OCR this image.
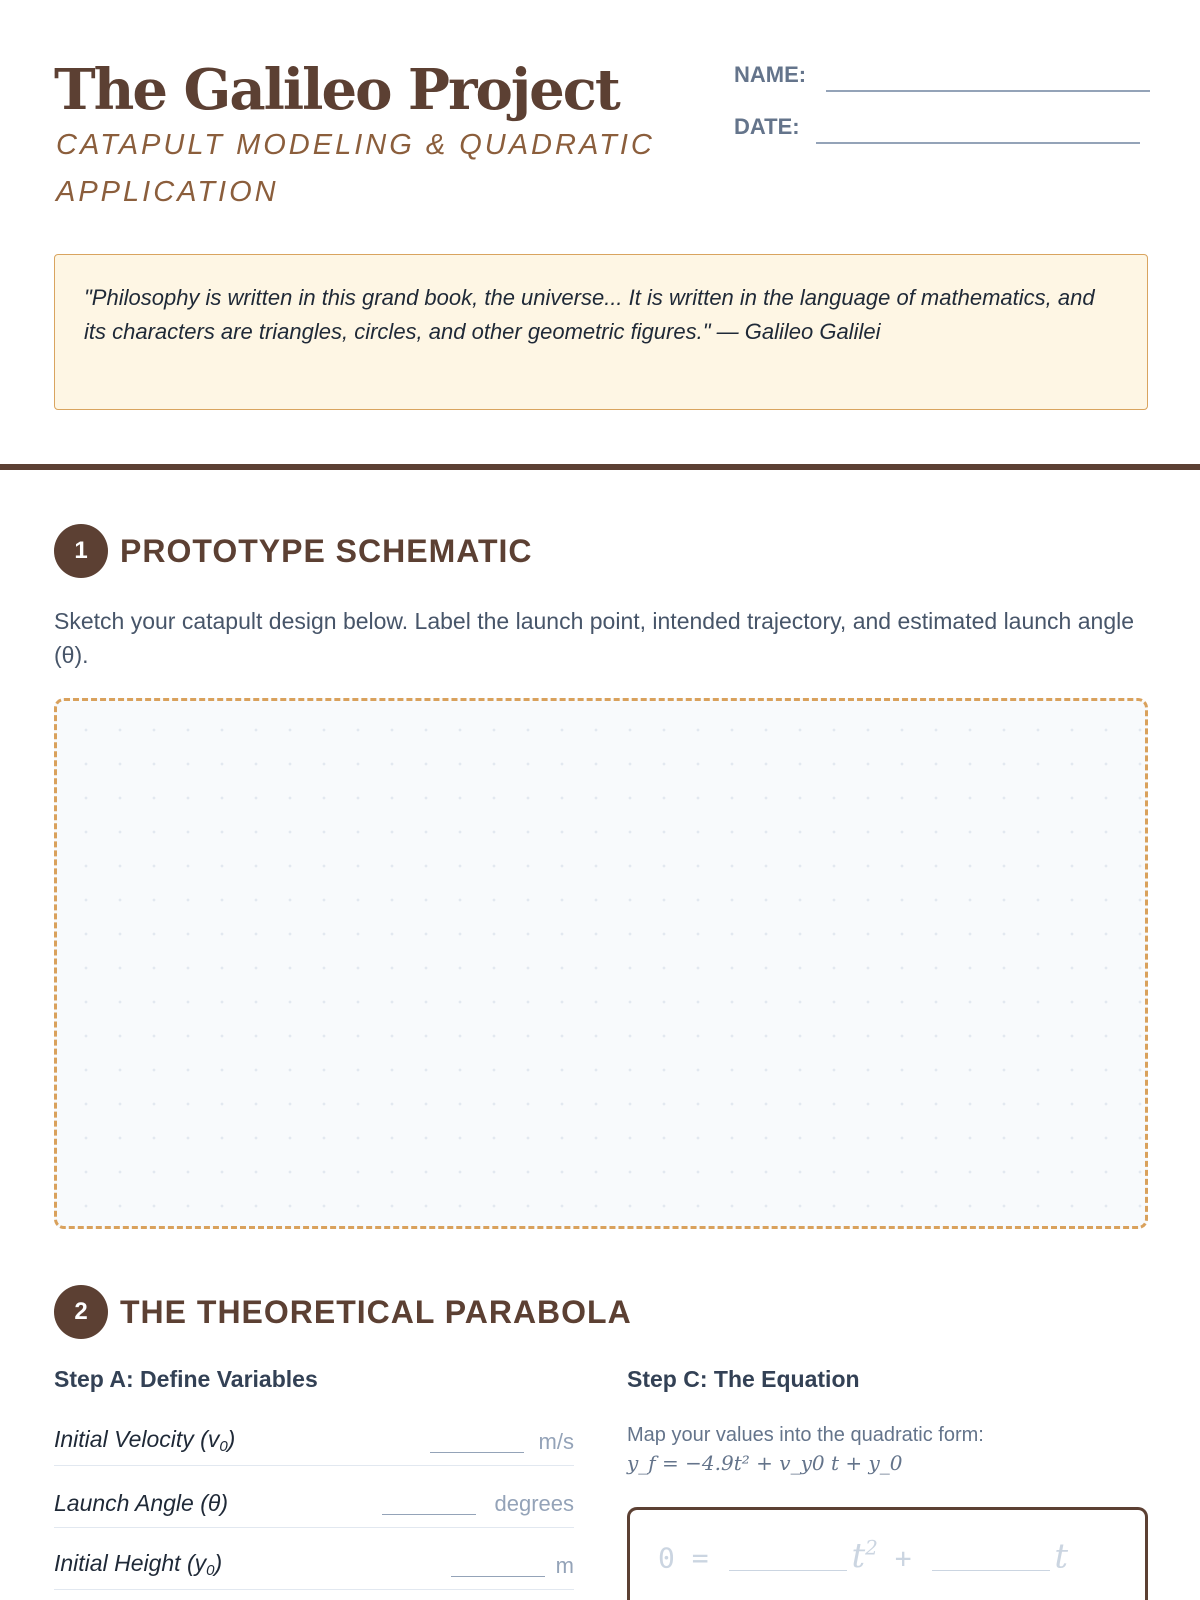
The Galileo Project
CATAPULT MODELING & QUADRATIC APPLICATION
NAME:
DATE:
"Philosophy is written in this grand book, the universe... It is written in the language of mathematics, and its characters are triangles, circles, and other geometric figures." — Galileo Galilei
1	PROTOTYPE SCHEMATIC
Sketch your catapult design below. Label the launch point, intended trajectory, and estimated launch angle (θ).
2	THE THEORETICAL PARABOLA
Step A: Define Variables	Step C: The Equation
Initial Velocity $(v_0)$	m/s
Launch Angle (θ)	degrees
Initial Height $(y_0)$	m
Map your values into the quadratic form:
y_f = −4.9t² + v_y0 t + y_0
0 =	$t^2$ +	t
